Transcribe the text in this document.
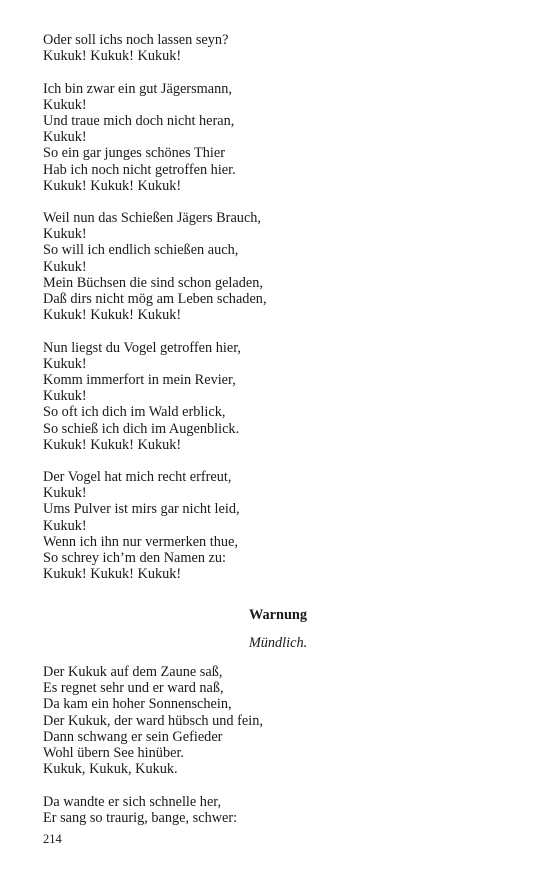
Oder soll ichs noch lassen seyn?
Kukuk! Kukuk! Kukuk!
Ich bin zwar ein gut Jägersmann,
Kukuk!
Und traue mich doch nicht heran,
Kukuk!
So ein gar junges schönes Thier
Hab ich noch nicht getroffen hier.
Kukuk! Kukuk! Kukuk!
Weil nun das Schießen Jägers Brauch,
Kukuk!
So will ich endlich schießen auch,
Kukuk!
Mein Büchsen die sind schon geladen,
Daß dirs nicht mög am Leben schaden,
Kukuk! Kukuk! Kukuk!
Nun liegst du Vogel getroffen hier,
Kukuk!
Komm immerfort in mein Revier,
Kukuk!
So oft ich dich im Wald erblick,
So schieß ich dich im Augenblick.
Kukuk! Kukuk! Kukuk!
Der Vogel hat mich recht erfreut,
Kukuk!
Ums Pulver ist mirs gar nicht leid,
Kukuk!
Wenn ich ihn nur vermerken thue,
So schrey ich’m den Namen zu:
Kukuk! Kukuk! Kukuk!
Warnung
Mündlich.
Der Kukuk auf dem Zaune saß,
Es regnet sehr und er ward naß,
Da kam ein hoher Sonnenschein,
Der Kukuk, der ward hübsch und fein,
Dann schwang er sein Gefieder
Wohl übern See hinüber.
Kukuk, Kukuk, Kukuk.
Da wandte er sich schnelle her,
Er sang so traurig, bange, schwer:
214
